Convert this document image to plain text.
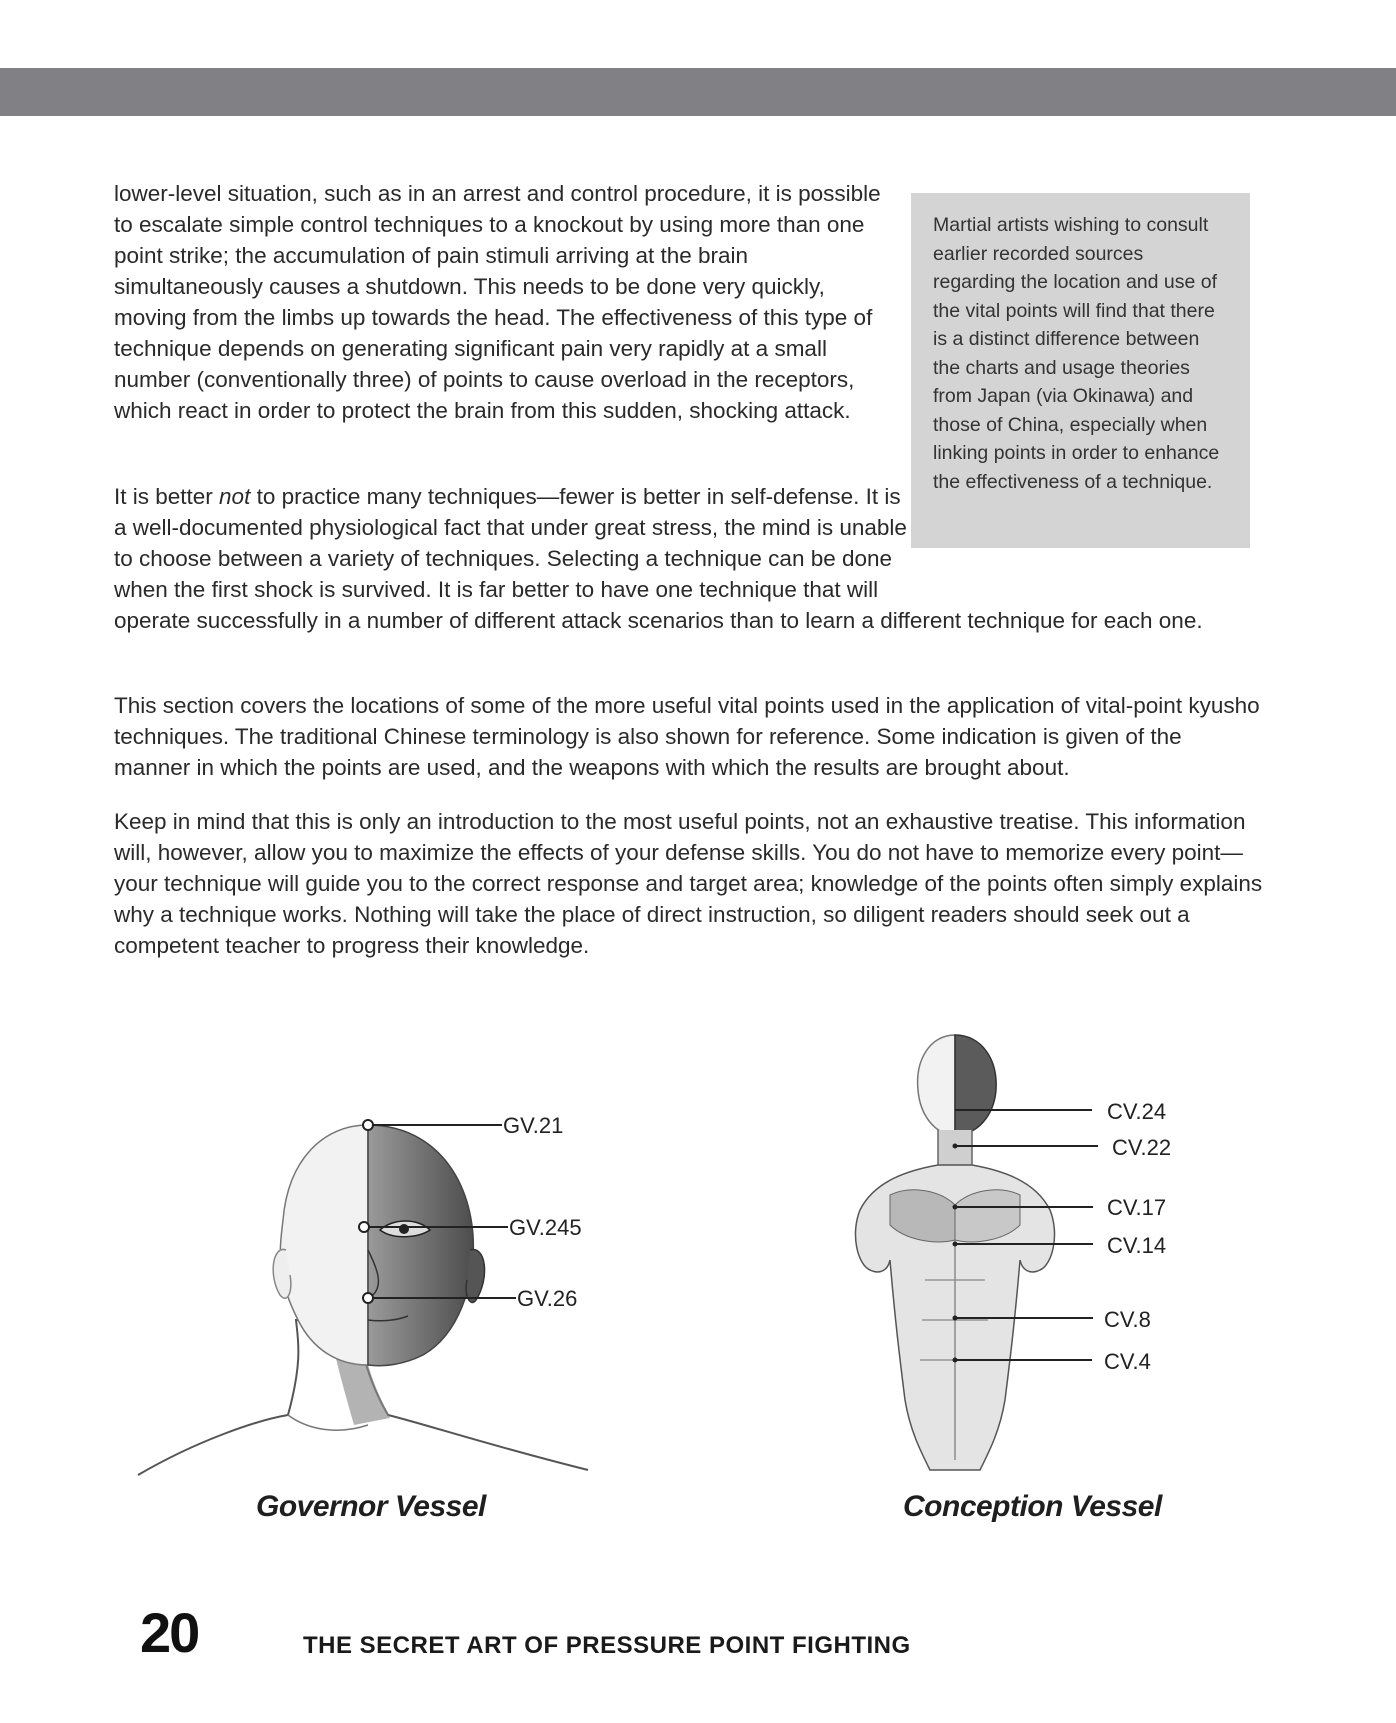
lower-level situation, such as in an arrest and control procedure, it is possible to escalate simple control techniques to a knockout by using more than one point strike; the accumulation of pain stimuli arriving at the brain simultaneously causes a shutdown. This needs to be done very quickly, moving from the limbs up towards the head. The effectiveness of this type of technique depends on generating significant pain very rapidly at a small number (conventionally three) of points to cause overload in the receptors, which react in order to protect the brain from this sudden, shocking attack.

Martial artists wishing to consult earlier recorded sources regarding the location and use of the vital points will find that there is a distinct difference between the charts and usage theories from Japan (via Okinawa) and those of China, especially when linking points in order to enhance the effectiveness of a technique.

It is better not to practice many techniques—fewer is better in self-defense. It is a well-documented physiological fact that under great stress, the mind is unable to choose between a variety of techniques. Selecting a technique can be done when the first shock is survived. It is far better to have one technique that will operate successfully in a number of different attack scenarios than to learn a different technique for each one.

This section covers the locations of some of the more useful vital points used in the application of vital-point kyusho techniques. The traditional Chinese terminology is also shown for reference. Some indication is given of the manner in which the points are used, and the weapons with which the results are brought about.

Keep in mind that this is only an introduction to the most useful points, not an exhaustive treatise. This information will, however, allow you to maximize the effects of your defense skills. You do not have to memorize every point—your technique will guide you to the correct response and target area; knowledge of the points often simply explains why a technique works. Nothing will take the place of direct instruction, so diligent readers should seek out a competent teacher to progress their knowledge.

GV.21
GV.245
GV.26
Governor Vessel
CV.24
CV.22
CV.17
CV.14
CV.8
CV.4
Conception Vessel
20	THE SECRET ART OF PRESSURE POINT FIGHTING
